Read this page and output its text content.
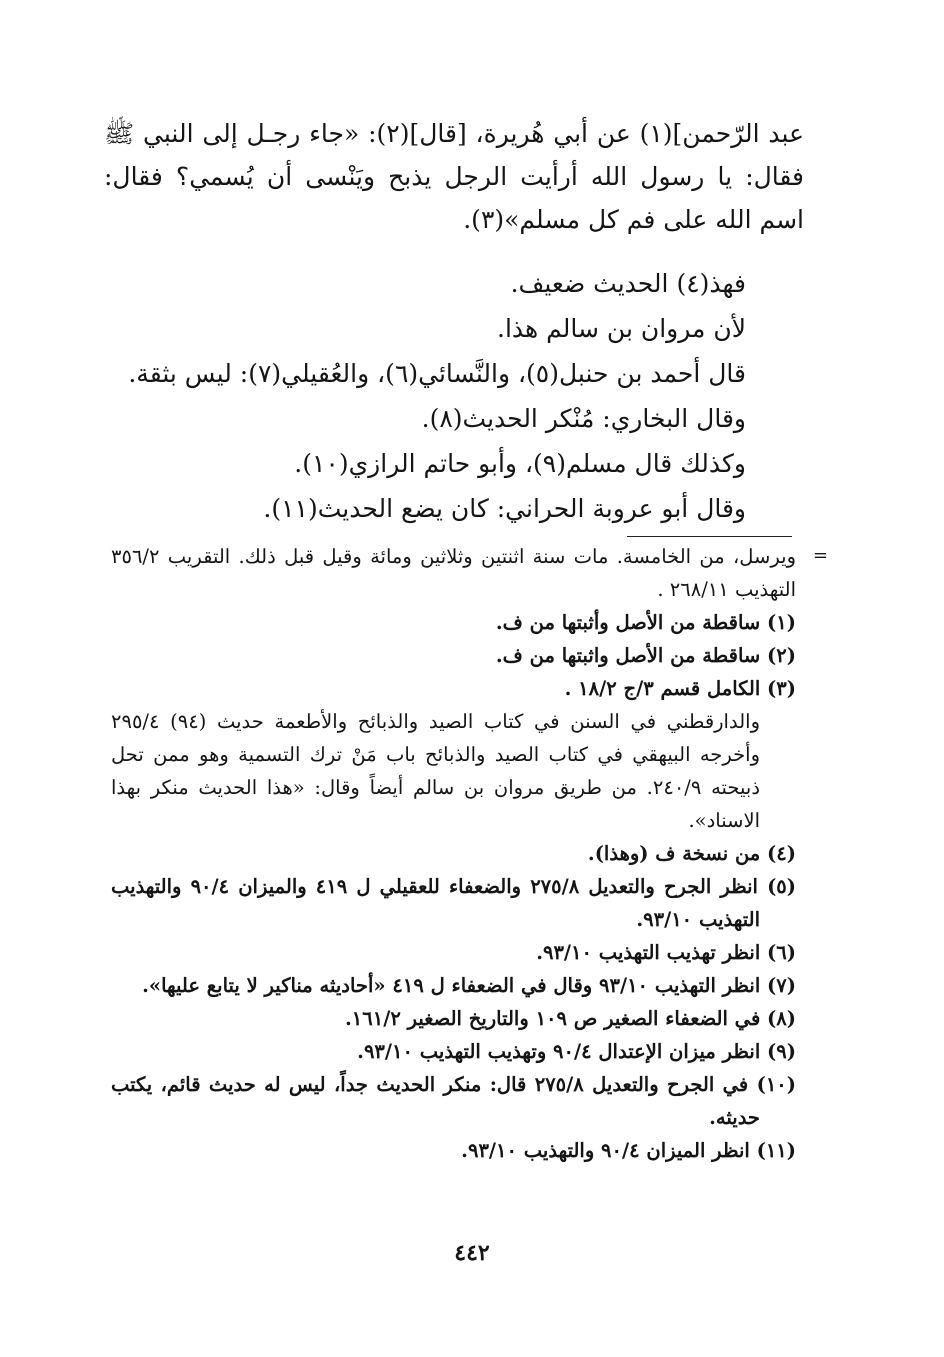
عبد الرّحمن](١) عن أبي هُريرة، [قال](٢): «جاء رجـل إلى النبي ﷺ فقال: يا رسول الله أرأيت الرجل يذبح ويَنْسى أن يُسمي؟ فقال: اسم الله على فم كل مسلم»(٣).

فهذ(٤) الحديث ضعيف.

لأن مروان بن سالم هذا.

قال أحمد بن حنبل(٥)، والنَّسائي(٦)، والعُقيلي(٧): ليس بثقة.

وقال البخاري: مُنْكر الحديث(٨).

وكذلك قال مسلم(٩)، وأبو حاتم الرازي(١٠).

وقال أبو عروبة الحراني: كان يضع الحديث(١١).

=

ويرسل، من الخامسة. مات سنة اثنتين وثلاثين ومائة وقيل قبل ذلك. التقريب ٣٥٦/٢ التهذيب ٢٦٨/١١ .

(١) ساقطة من الأصل وأثبتها من ف.

(٢) ساقطة من الأصل واثبتها من ف.

(٣) الكامل قسم ٣/ج ١٨/٢ .

والدارقطني في السنن في كتاب الصيد والذبائح والأطعمة حديث (٩٤) ٢٩٥/٤ وأخرجه البيهقي في كتاب الصيد والذبائح باب مَنْ ترك التسمية وهو ممن تحل ذبيحته ٢٤٠/٩. من طريق مروان بن سالم أيضاً وقال: «هذا الحديث منكر بهذا الاسناد».

(٤) من نسخة ف (وهذا).

(٥) انظر الجرح والتعديل ٢٧٥/٨ والضعفاء للعقيلي ل ٤١٩ والميزان ٩٠/٤ والتهذيب التهذيب ٩٣/١٠.

(٦) انظر تهذيب التهذيب ٩٣/١٠.

(٧) انظر التهذيب ٩٣/١٠ وقال في الضعفاء ل ٤١٩ «أحاديثه مناكير لا يتابع عليها».

(٨) في الضعفاء الصغير ص ١٠٩ والتاريخ الصغير ١٦١/٢.

(٩) انظر ميزان الإعتدال ٩٠/٤ وتهذيب التهذيب ٩٣/١٠.

(١٠) في الجرح والتعديل ٢٧٥/٨ قال: منكر الحديث جداً، ليس له حديث قائم، يكتب حديثه.

(١١) انظر الميزان ٩٠/٤ والتهذيب ٩٣/١٠.

٤٤٢
